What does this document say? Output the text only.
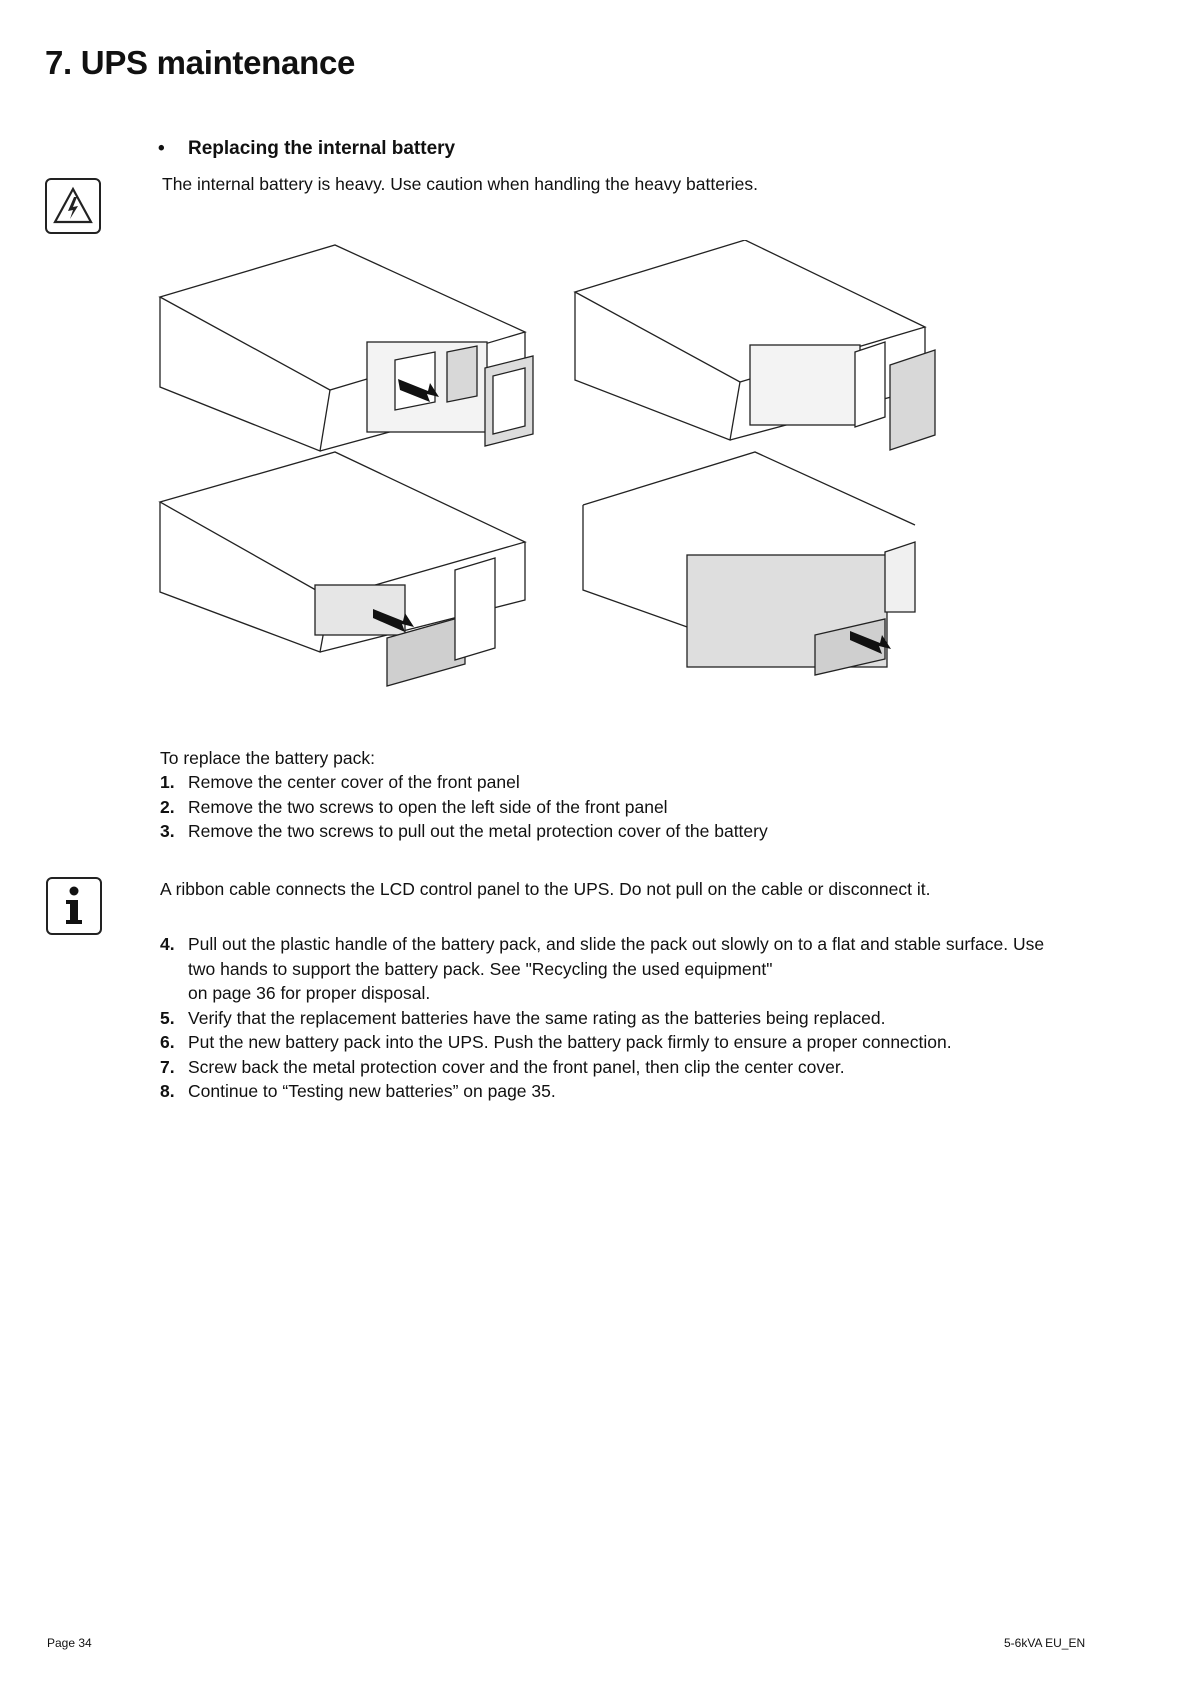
7. UPS maintenance

• Replacing the internal battery

The internal battery is heavy. Use caution when handling the heavy batteries.

To replace the battery pack:
1. Remove the center cover of the front panel
2. Remove the two screws to open the left side of the front panel
3. Remove the two screws to pull out the metal protection cover of the battery

A ribbon cable connects the LCD control panel to the UPS. Do not pull on the cable or disconnect it.

4. Pull out the plastic handle of the battery pack, and slide the pack out slowly on to a flat and stable surface. Use two hands to support the battery pack. See "Recycling the used equipment"
on page 36 for proper disposal.
5. Verify that the replacement batteries have the same rating as the batteries being replaced.
6. Put the new battery pack into the UPS. Push the battery pack firmly to ensure a proper connection.
7. Screw back the metal protection cover and the front panel, then clip the center cover.
8. Continue to “Testing new batteries” on page 35.
Page 34	5-6kVA EU_EN
